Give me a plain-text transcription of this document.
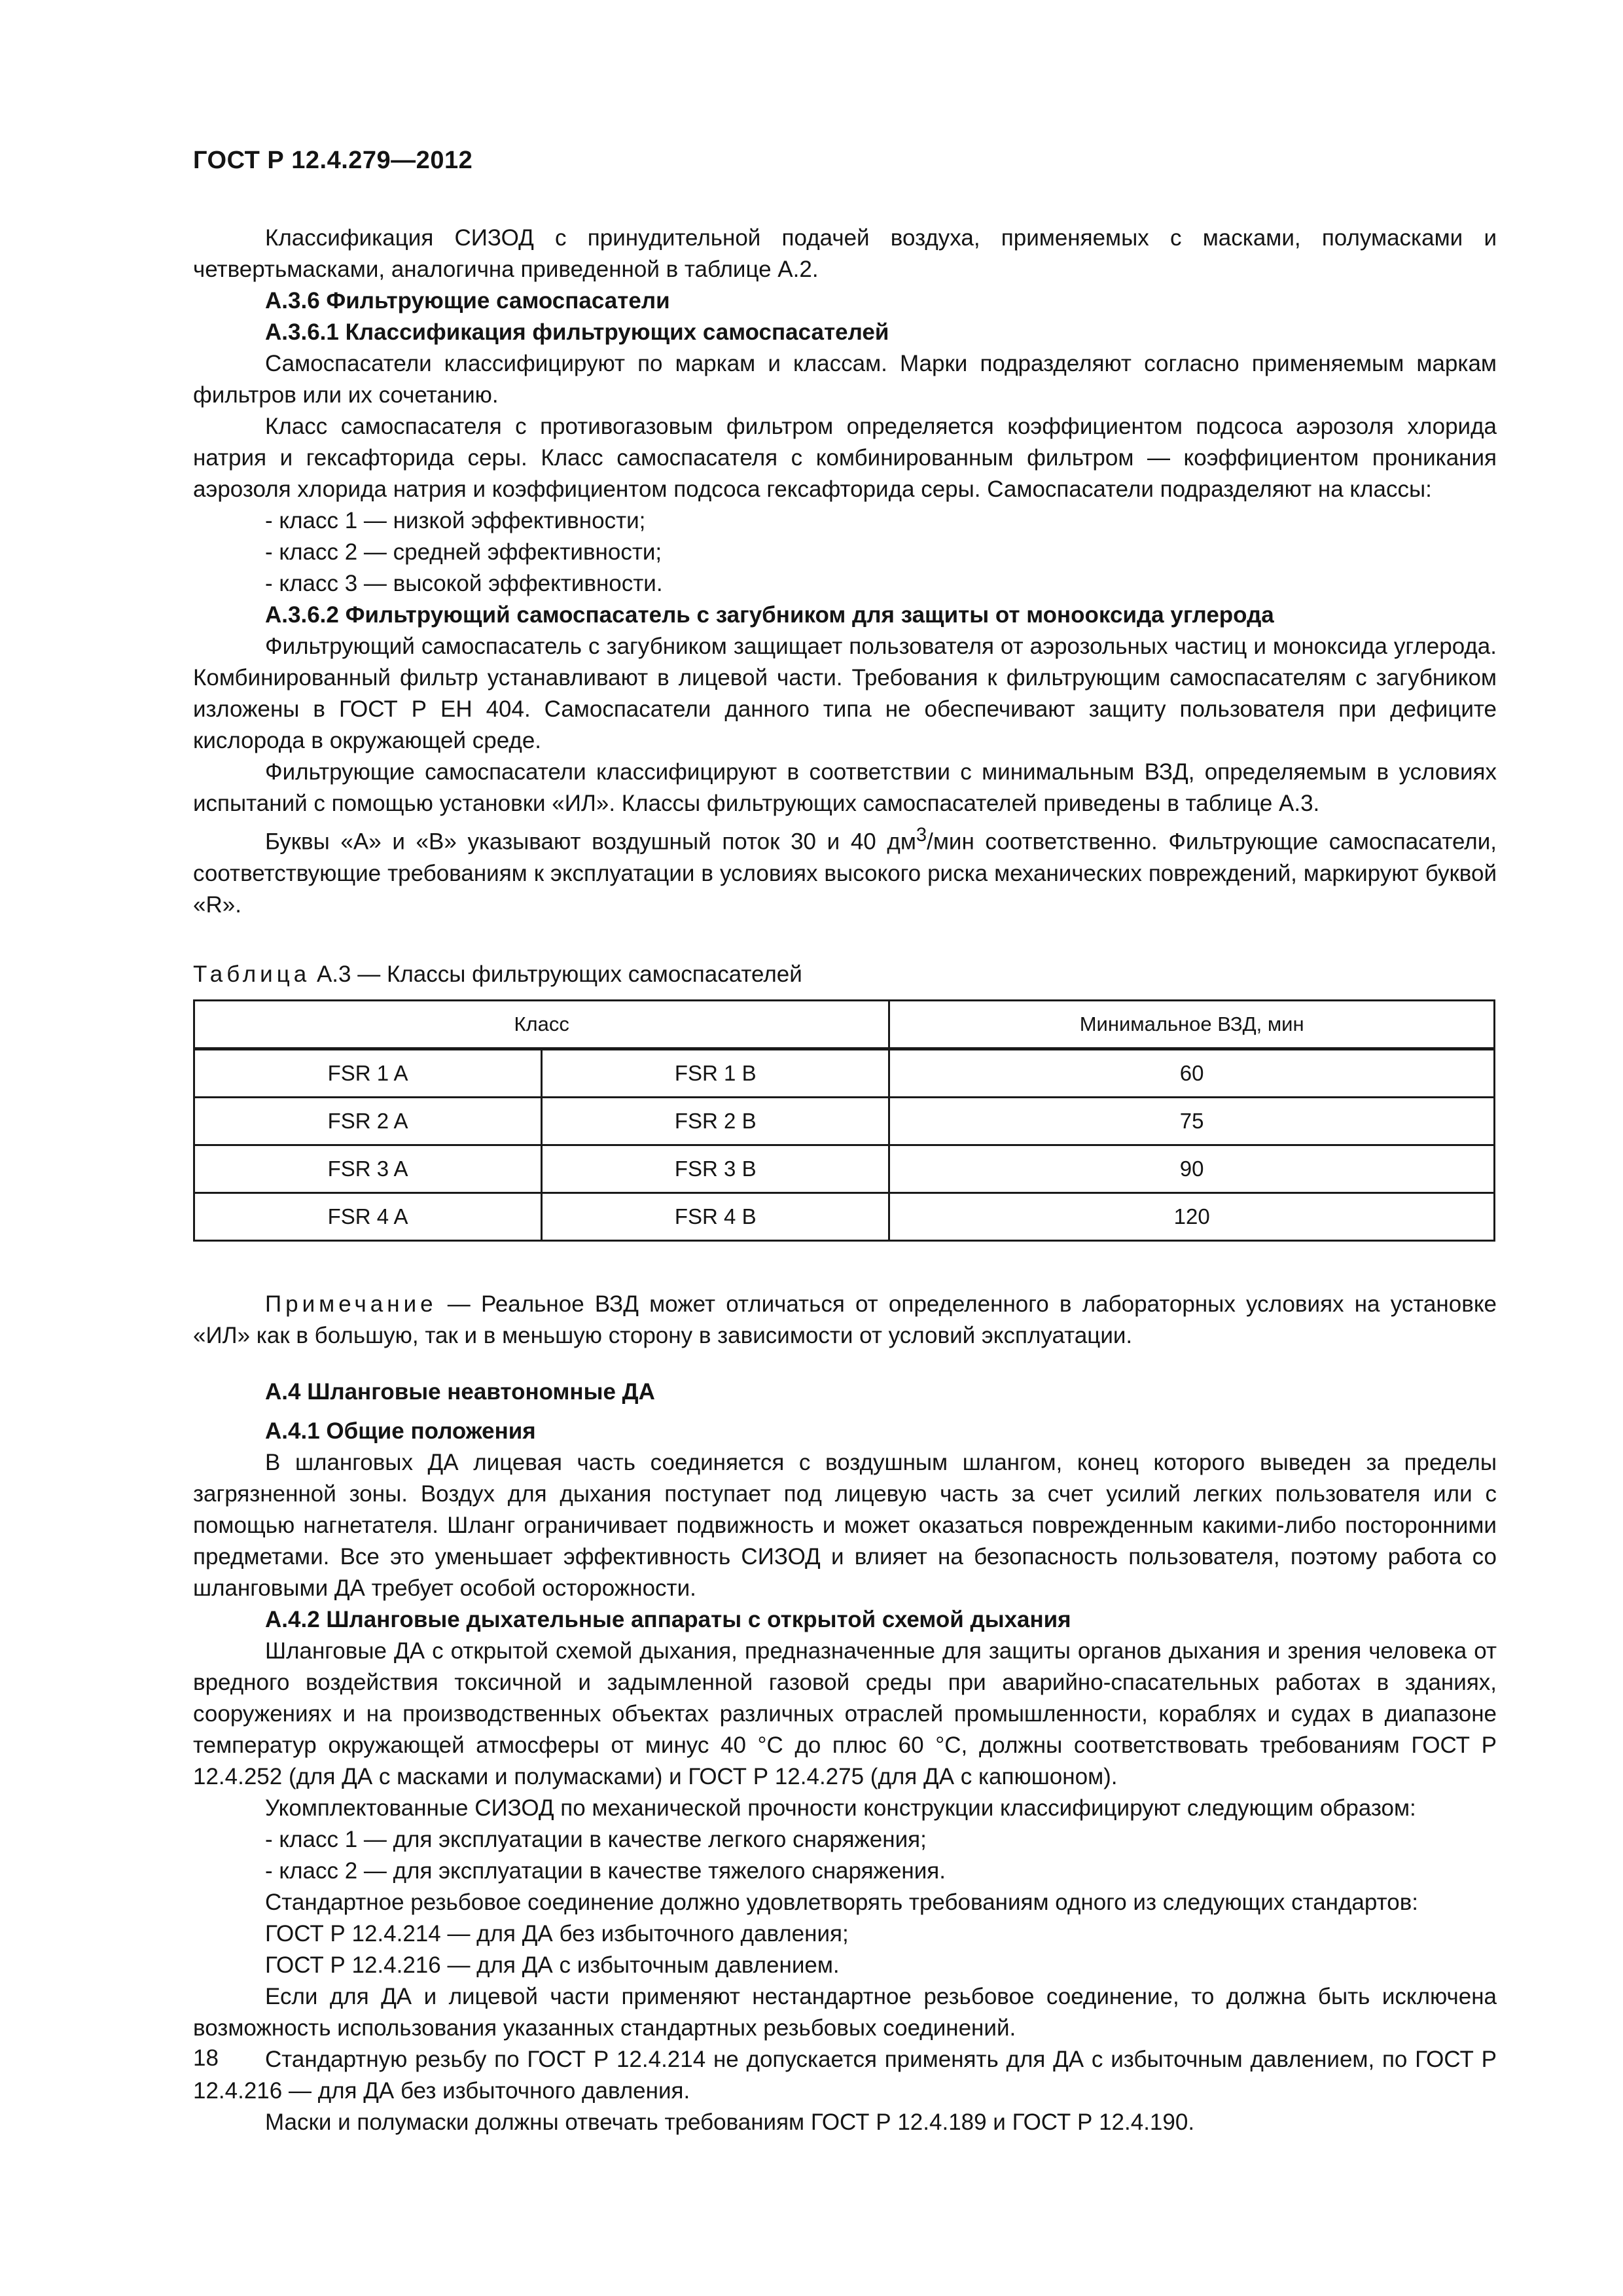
ГОСТ Р 12.4.279—2012

Классификация СИЗОД с принудительной подачей воздуха, применяемых с масками, полумасками и четвертьмасками, аналогична приведенной в таблице А.2.

А.3.6 Фильтрующие самоспасатели

А.3.6.1 Классификация фильтрующих самоспасателей

Самоспасатели классифицируют по маркам и классам. Марки подразделяют согласно применяемым маркам фильтров или их сочетанию.

Класс самоспасателя с противогазовым фильтром определяется коэффициентом подсоса аэрозоля хлорида натрия и гексафторида серы. Класс самоспасателя с комбинированным фильтром — коэффициентом проникания аэрозоля хлорида натрия и коэффициентом подсоса гексафторида серы. Самоспасатели подразделяют на классы:

- класс 1 — низкой эффективности;

- класс 2 — средней эффективности;

- класс 3 — высокой эффективности.

А.3.6.2 Фильтрующий самоспасатель с загубником для защиты от монооксида углерода

Фильтрующий самоспасатель с загубником защищает пользователя от аэрозольных частиц и моноксида углерода. Комбинированный фильтр устанавливают в лицевой части. Требования к фильтрующим самоспасателям с загубником изложены в ГОСТ Р ЕН 404. Самоспасатели данного типа не обеспечивают защиту пользователя при дефиците кислорода в окружающей среде.

Фильтрующие самоспасатели классифицируют в соответствии с минимальным ВЗД, определяемым в условиях испытаний с помощью установки «ИЛ». Классы фильтрующих самоспасателей приведены в таблице А.3.

Буквы «А» и «В» указывают воздушный поток 30 и 40 $дм^3$/мин соответственно. Фильтрующие самоспасатели, соответствующие требованиям к эксплуатации в условиях высокого риска механических повреждений, маркируют буквой «R».

Таблица А.3 — Классы фильтрующих самоспасателей

Класс		Минимальное ВЗД, мин
FSR 1 A	FSR 1 B	60
FSR 2 A	FSR 2 B	75
FSR 3 A	FSR 3 B	90
FSR 4 A	FSR 4 B	120

Примечание — Реальное ВЗД может отличаться от определенного в лабораторных условиях на установке «ИЛ» как в большую, так и в меньшую сторону в зависимости от условий эксплуатации.

А.4 Шланговые неавтономные ДА

А.4.1 Общие положения

В шланговых ДА лицевая часть соединяется с воздушным шлангом, конец которого выведен за пределы загрязненной зоны. Воздух для дыхания поступает под лицевую часть за счет усилий легких пользователя или с помощью нагнетателя. Шланг ограничивает подвижность и может оказаться поврежденным какими-либо посторонними предметами. Все это уменьшает эффективность СИЗОД и влияет на безопасность пользователя, поэтому работа со шланговыми ДА требует особой осторожности.

А.4.2 Шланговые дыхательные аппараты с открытой схемой дыхания

Шланговые ДА с открытой схемой дыхания, предназначенные для защиты органов дыхания и зрения человека от вредного воздействия токсичной и задымленной газовой среды при аварийно-спасательных работах в зданиях, сооружениях и на производственных объектах различных отраслей промышленности, кораблях и судах в диапазоне температур окружающей атмосферы от минус 40 °С до плюс 60 °С, должны соответствовать требованиям ГОСТ Р 12.4.252 (для ДА с масками и полумасками) и ГОСТ Р 12.4.275 (для ДА с капюшоном).

Укомплектованные СИЗОД по механической прочности конструкции классифицируют следующим образом:

- класс 1 — для эксплуатации в качестве легкого снаряжения;

- класс 2 — для эксплуатации в качестве тяжелого снаряжения.

Стандартное резьбовое соединение должно удовлетворять требованиям одного из следующих стандартов:

ГОСТ Р 12.4.214 — для ДА без избыточного давления;

ГОСТ Р 12.4.216 — для ДА с избыточным давлением.

Если для ДА и лицевой части применяют нестандартное резьбовое соединение, то должна быть исключена возможность использования указанных стандартных резьбовых соединений.

Стандартную резьбу по ГОСТ Р 12.4.214 не допускается применять для ДА с избыточным давлением, по ГОСТ Р 12.4.216 — для ДА без избыточного давления.

Маски и полумаски должны отвечать требованиям ГОСТ Р 12.4.189 и ГОСТ Р 12.4.190.

18
